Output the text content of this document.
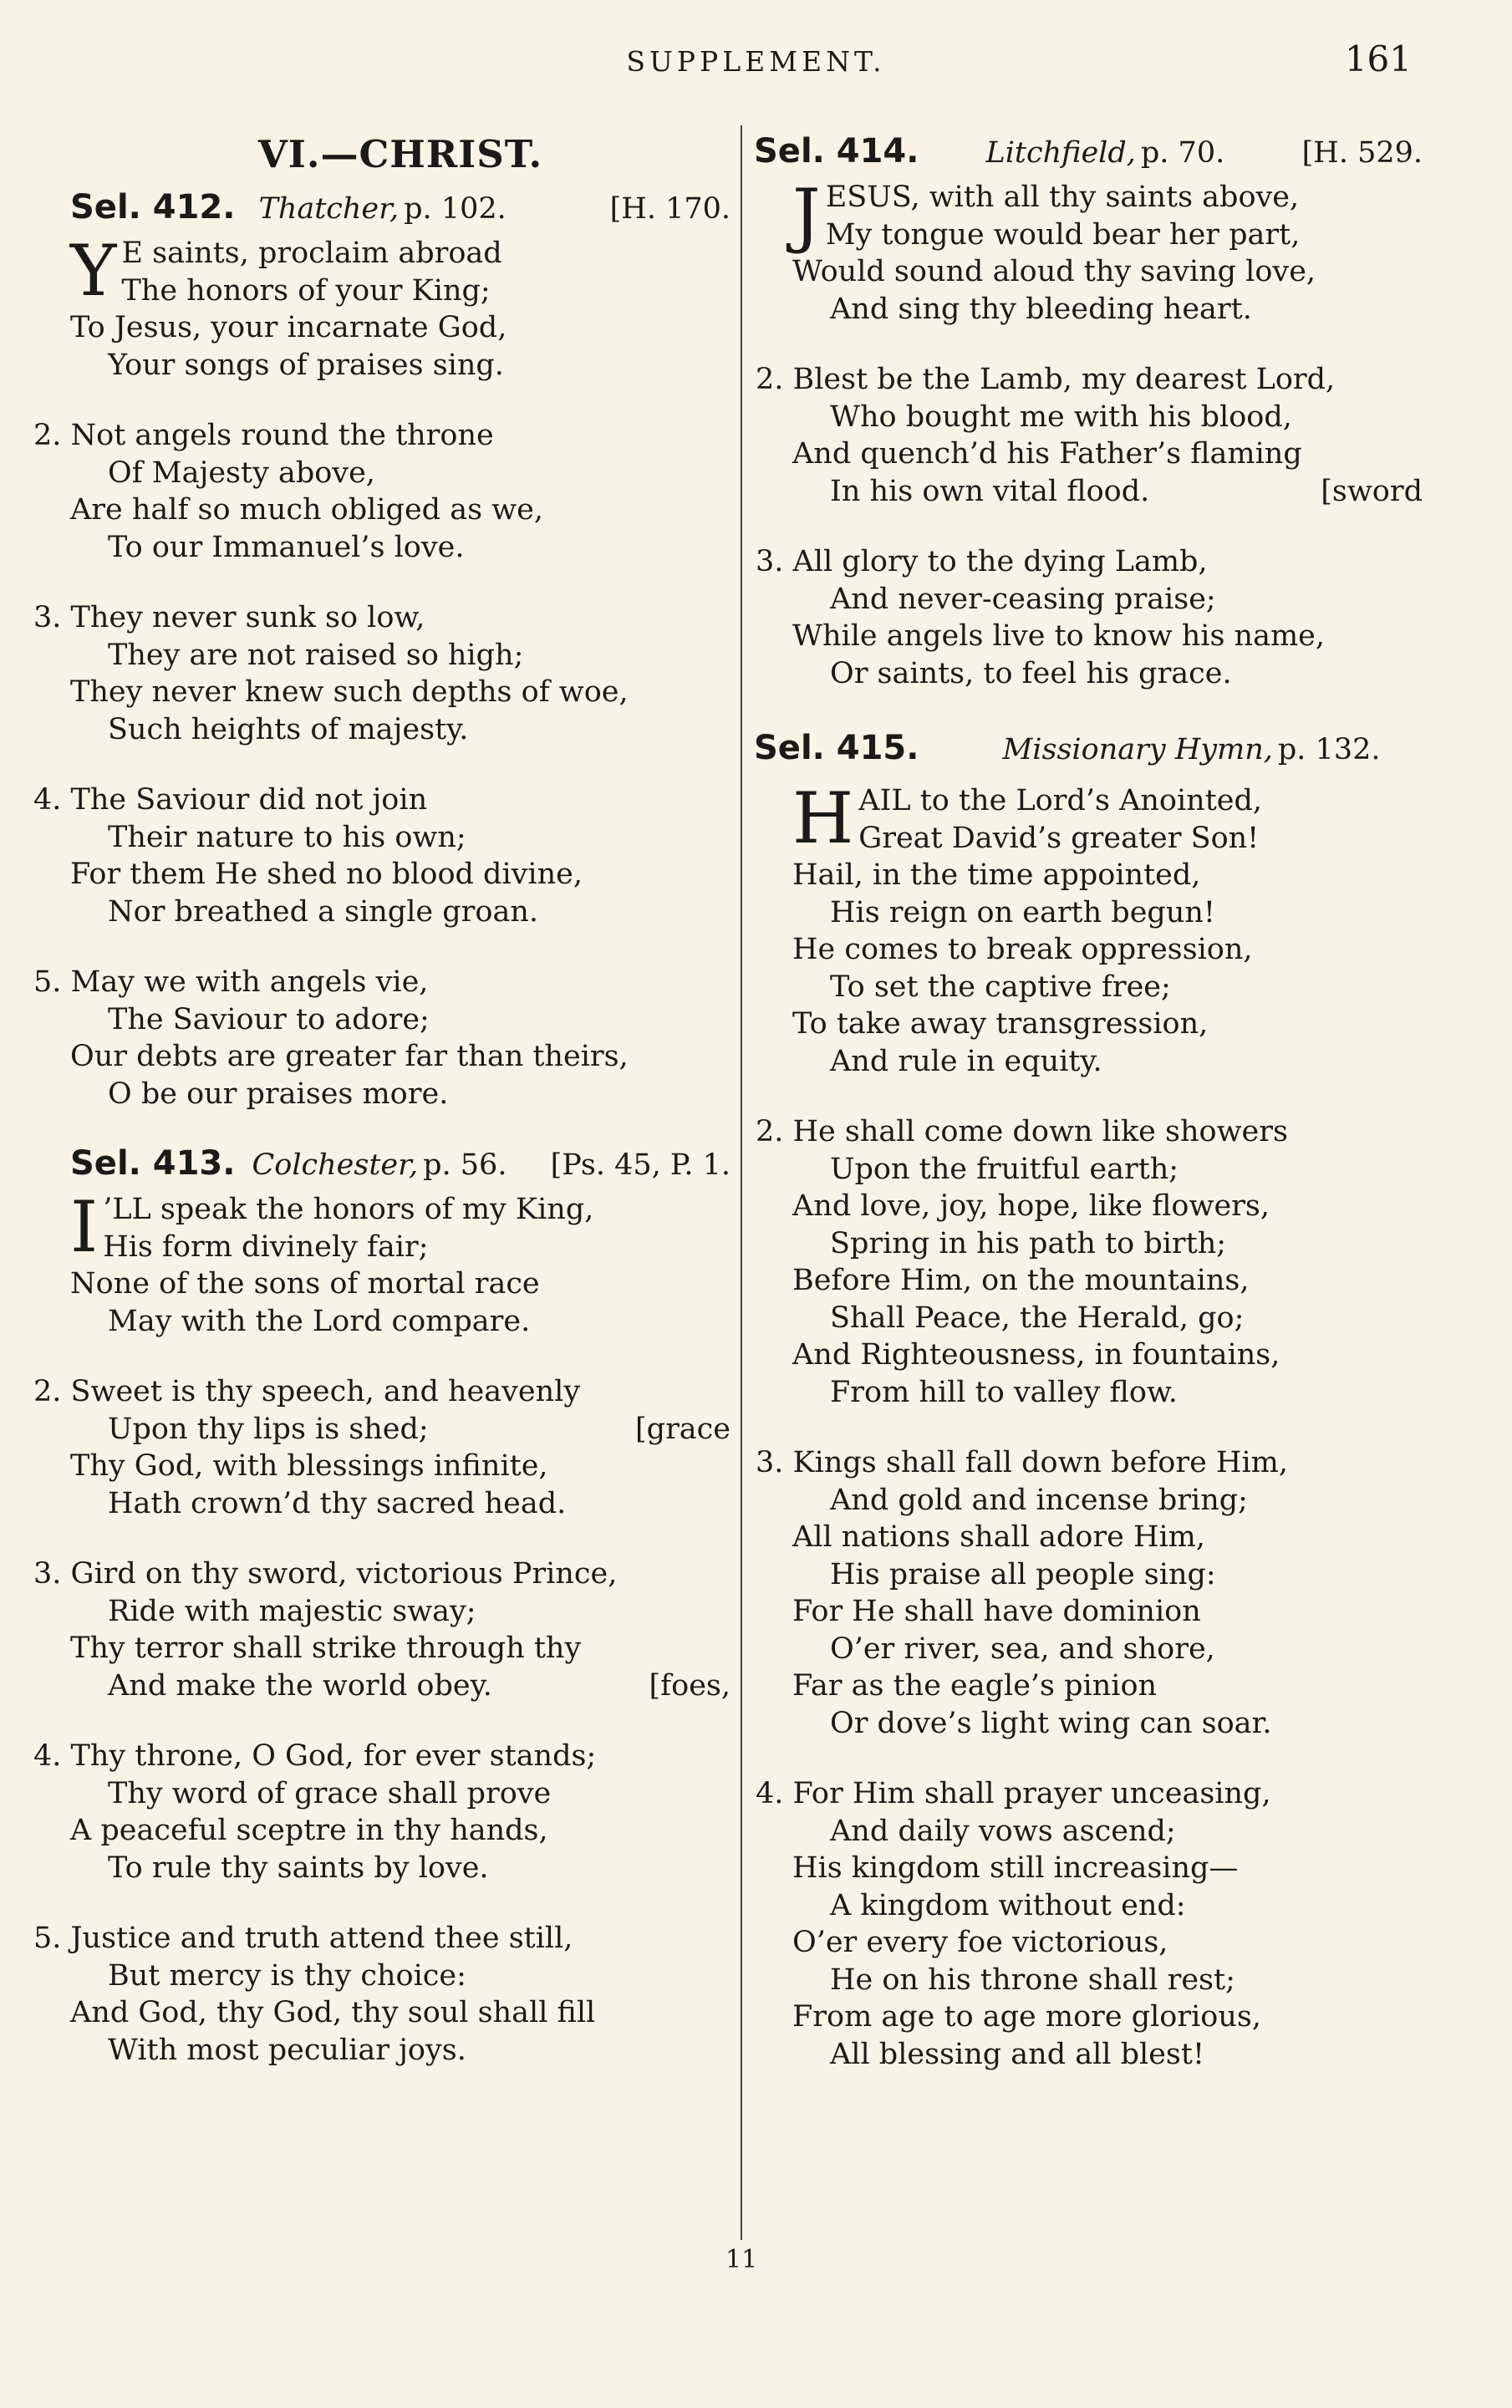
SUPPLEMENT.	161
VI.—CHRIST.
Sel. 412. Thatcher, p. 102.	[H. 170.
Y E saints, proclaim abroad
The honors of your King;
To Jesus, your incarnate God,
Your songs of praises sing.
2. Not angels round the throne
Of Majesty above,
Are half so much obliged as we,
To our Immanuel’s love.
3. They never sunk so low,
They are not raised so high;
They never knew such depths of woe,
Such heights of majesty.
4. The Saviour did not join
Their nature to his own;
For them He shed no blood divine,
Nor breathed a single groan.
5. May we with angels vie,
The Saviour to adore;
Our debts are greater far than theirs,
O be our praises more.
Sel. 413. Colchester, p. 56. [Ps. 45, P. 1.
I ’LL speak the honors of my King,
His form divinely fair;
None of the sons of mortal race
May with the Lord compare.
2. Sweet is thy speech, and heavenly
Upon thy lips is shed;	[grace
Thy God, with blessings infinite,
Hath crown’d thy sacred head.
3. Gird on thy sword, victorious Prince,
Ride with majestic sway;
Thy terror shall strike through thy
And make the world obey.	[foes,
4. Thy throne, O God, for ever stands;
Thy word of grace shall prove
A peaceful sceptre in thy hands,
To rule thy saints by love.
5. Justice and truth attend thee still,
But mercy is thy choice:
And God, thy God, thy soul shall fill
With most peculiar joys.
Sel. 414. Litchfield, p. 70.	[H. 529.
J ESUS, with all thy saints above,
My tongue would bear her part,
Would sound aloud thy saving love,
And sing thy bleeding heart.
2. Blest be the Lamb, my dearest Lord,
Who bought me with his blood,
And quench’d his Father’s flaming
In his own vital flood.	[sword
3. All glory to the dying Lamb,
And never-ceasing praise;
While angels live to know his name,
Or saints, to feel his grace.
Sel. 415.	Missionary Hymn, p. 132.
H AIL to the Lord’s Anointed,
Great David’s greater Son!
Hail, in the time appointed,
His reign on earth begun!
He comes to break oppression,
To set the captive free;
To take away transgression,
And rule in equity.
2. He shall come down like showers
Upon the fruitful earth;
And love, joy, hope, like flowers,
Spring in his path to birth;
Before Him, on the mountains,
Shall Peace, the Herald, go;
And Righteousness, in fountains,
From hill to valley flow.
3. Kings shall fall down before Him,
And gold and incense bring;
All nations shall adore Him,
His praise all people sing:
For He shall have dominion
O’er river, sea, and shore,
Far as the eagle’s pinion
Or dove’s light wing can soar.
4. For Him shall prayer unceasing,
And daily vows ascend;
His kingdom still increasing—
A kingdom without end:
O’er every foe victorious,
He on his throne shall rest;
From age to age more glorious,
All blessing and all blest!
11
